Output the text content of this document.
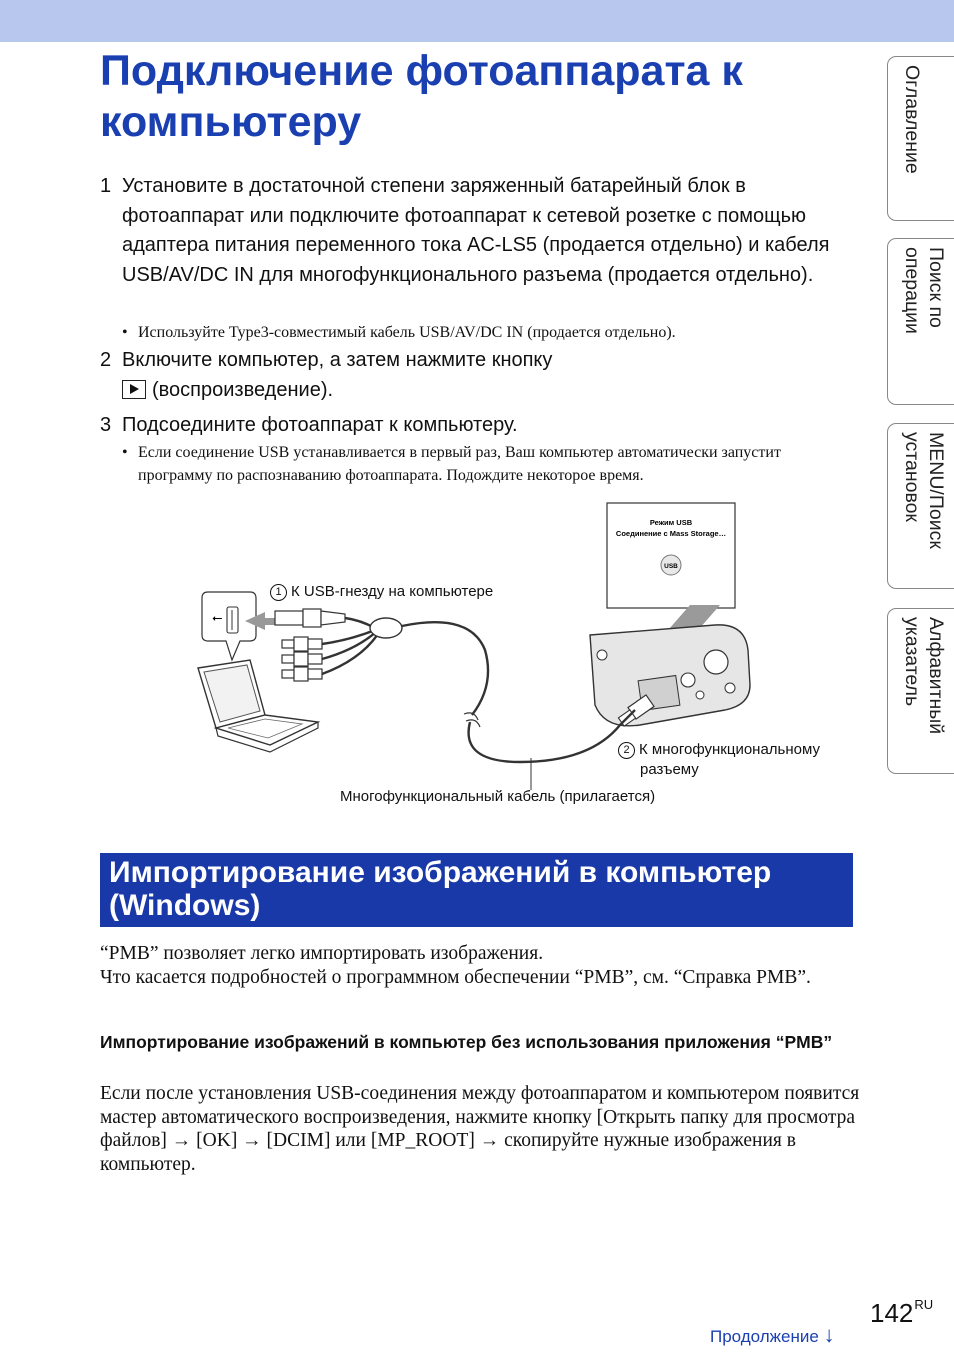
Подключение фотоаппарата к компьютеру
1 Установите в достаточной степени заряженный батарейный блок в фотоаппарат или подключите фотоаппарат к сетевой розетке с помощью адаптера питания переменного тока AC-LS5 (продается отдельно) и кабеля USB/AV/DC IN для многофункционального разъема (продается отдельно).
• Используйте Type3-совместимый кабель USB/AV/DC IN (продается отдельно).
2 Включите компьютер, а затем нажмите кнопку
(воспроизведение).
3 Подсоедините фотоаппарат к компьютеру.
• Если соединение USB устанавливается в первый раз, Ваш компьютер автоматически запустит программу по распознаванию фотоаппарата. Подождите некоторое время.
Режим USB
Соединение с Mass Storage…
USB
⭠
1 К USB-гнезду на компьютере
2 К многофункциональному
разъему
Многофункциональный кабель (прилагается)
Импортирование изображений в компьютер (Windows)
“PMB” позволяет легко импортировать изображения.
Что касается подробностей о программном обеспечении “PMB”, см. “Справка PMB”.
Импортирование изображений в компьютер без использования приложения “PMB”
Если после установления USB-соединения между фотоаппаратом и компьютером появится мастер автоматического воспроизведения, нажмите кнопку [Открыть папку для просмотра файлов] → [OK] → [DCIM] или [MP_ROOT] → скопируйте нужные изображения в компьютер.
Оглавление
Поиск по
операции
MENU/Поиск
установок
Алфавитный
указатель
$142^{RU}$
Продолжение ↓
